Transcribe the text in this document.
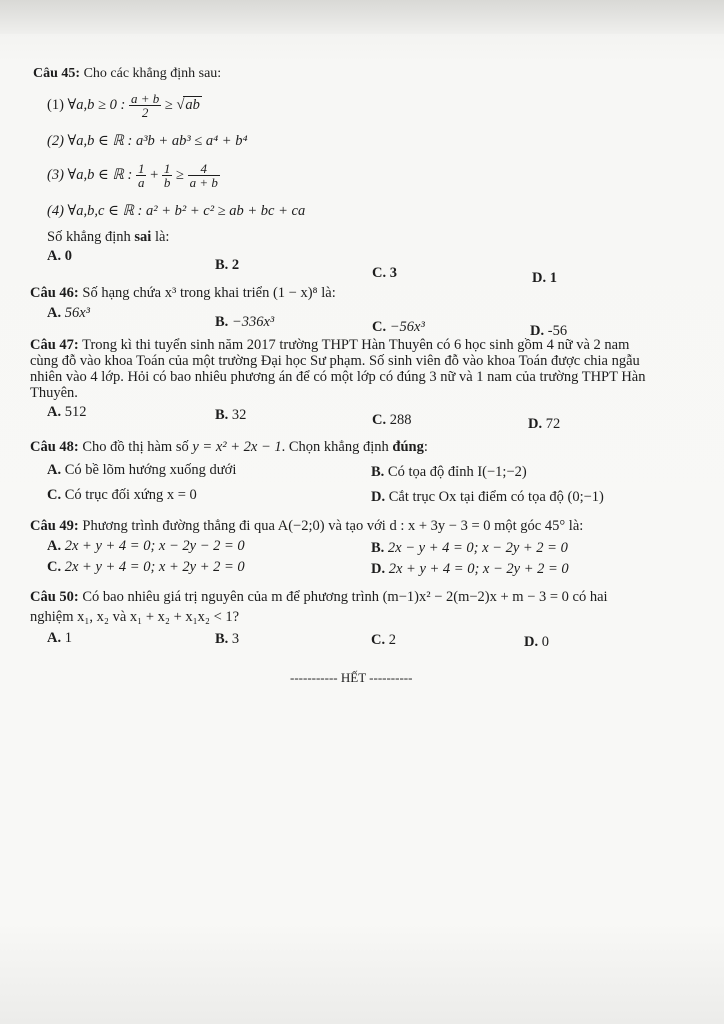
Câu 45: Cho các khẳng định sau:
(1) ∀a,b ≥ 0 : $\frac{a + b}{2} \ge √ab$
(2) ∀a,b ∈ ℝ : a³b + ab³ ≤ a⁴ + b⁴
(3) ∀a,b ∈ ℝ : $\frac{1}{a} + \frac{1}{b} \ge \frac{4}{a + b}$
(4) ∀a,b,c ∈ ℝ : a² + b² + c² ≥ ab + bc + ca
Số khẳng định sai là:
A. 0
B. 2	C. 3	D. 1
Câu 46: Số hạng chứa x³ trong khai triển (1 − x)⁸ là:
A. 56x³
B. −336x³	C. −56x³	D. -56
Câu 47: Trong kì thi tuyển sinh năm 2017 trường THPT Hàn Thuyên có 6 học sinh gồm 4 nữ và 2 nam
cùng đỗ vào khoa Toán của một trường Đại học Sư phạm. Số sinh viên đỗ vào khoa Toán được chia ngẫu
nhiên vào 4 lớp. Hỏi có bao nhiêu phương án để có một lớp có đúng 3 nữ và 1 nam của trường THPT Hàn
Thuyên.
A. 512	B. 32	C. 288	D. 72
Câu 48: Cho đồ thị hàm số y = x² + 2x − 1. Chọn khẳng định đúng:
A. Có bề lõm hướng xuống dưới	B. Có tọa độ đỉnh I(−1;−2)
C. Có trục đối xứng x = 0	D. Cắt trục Ox tại điểm có tọa độ (0;−1)
Câu 49: Phương trình đường thẳng đi qua A(−2;0) và tạo với d : x + 3y − 3 = 0 một góc 45° là:
A. 2x + y + 4 = 0; x − 2y − 2 = 0	B. 2x − y + 4 = 0; x − 2y + 2 = 0
C. 2x + y + 4 = 0; x + 2y + 2 = 0	D. 2x + y + 4 = 0; x − 2y + 2 = 0
Câu 50: Có bao nhiêu giá trị nguyên của m để phương trình (m−1)x² − 2(m−2)x + m − 3 = 0 có hai
nghiệm x₁, x₂ và x₁ + x₂ + x₁x₂ < 1?
A. 1	B. 3	C. 2	D. 0
----------- HẾT ----------
